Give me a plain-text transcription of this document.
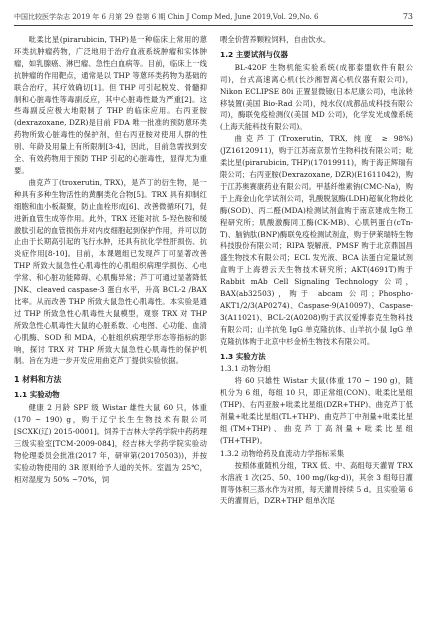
中国比较医学杂志 2019 年 6 月第 29 卷第 6 期 Chin J Comp Med, June 2019,Vol. 29,No. 6	73

吡柔比星(pirarubicin, THP)是一种临床上常用的蒽环类抗肿瘤药物，广泛地用于治疗血液系统肿瘤和实体肿瘤，如乳腺癌、淋巴瘤、急性白血病等。目前，临床上一线抗肿瘤的作用靶点，通常是以 THP 等蒽环类药物为基础的联合治疗，其疗效确切[1]。但 THP 可引起脱发、骨髓抑制和心脏毒性等毒副反应，其中心脏毒性最为严重[2]。这些毒副反应极大地限制了 THP 的临床应用。右丙亚胺(dexrazoxane, DZR)是目前 FDA 唯一批准的预防蒽环类药物所致心脏毒性的保护剂，但右丙亚胺对使用人群的性别、年龄及用量上有所限制[3-4]，因此，目前急需找到安全、有效药物用于预防 THP 引起的心脏毒性，显得尤为重要。

曲克芦丁(troxerutin, TRX)，是芦丁的衍生物，是一种具有多种生物活性的黄酮类化合物[5]。TRX 具有抑制红细胞和血小板凝聚，防止血栓形成[6]、改善微循环[7]，促进新血管生成等作用。此外，TRX 还能对抗 5-羟色胺和缓激肽引起的血管损伤并对内皮细胞起到保护作用，并可以防止由于长期高引起的飞行水肿，还具有抗化学性肝损伤、抗炎症作用[8-10]。目前，本课题组已发现芦丁可显著改善 THP 所致大鼠急性心肌毒性的心肌组织病理学损伤、心电学常、和心脏功能障碍、心肌酶异常；芦丁可通过显著降低 JNK、cleaved caspase-3 蛋白水平，升高 BCL-2 /BAX 比率。从而改善 THP 所致大鼠急性心肌毒性。本实验是通过 THP 所致急性心肌毒性大鼠模型，观察 TRX 对 THP 所致急性心肌毒性大鼠的心脏系数、心电图、心功能、血清心肌酶、SOD 和 MDA，心脏组织病理学形态等指标的影响，探讨 TRX 对 THP 所致大鼠急性心肌毒性的保护机制。旨在为进一步开发应用曲克芦丁提供实验依据。

1 材料和方法
1.1 实验动物

健康 2 月龄 SPF 级 Wistar 雄性大鼠 60 只，体重(170 ~ 190) g，购于辽宁长生生物技术有限公司[SCXK(辽) 2015-0001]。饲养于吉林大学药学院中药药理三级实验室[TCM-2009-084]，经吉林大学药学院实验动物伦理委员会批准(2017 年，研审第(20170503))，并按实验动物使用的 3R 原则给予人道的关怀。室温为 25℃，相对湿度为 50% ~70%，饲

喂全价营养颗粒饲料，自由饮水。

1.2 主要试剂与仪器

BL-420F 生物机能实验系统(成都泰盟软件有限公司)，台式高速离心机(长沙湘智离心机仪器有限公司)，Nikon ECLIPSE 80i 正置显微镜(日本尼康公司)，电泳转移装置(美国 Bio-Rad 公司)，纯水仪(成都品成科技有限公司)，酶联免疫检测仪(美国 MD 公司)，化学发光成像系统(上海天能科技有限公司)。

曲克芦丁(Troxerutin, TRX, 纯度 ≥ 98%)(JZ16120911)，购于江苏南京景竹生物科技有限公司；吡柔比星(pirarubicin, THP)(17019911)，购于海正辉瑞有限公司；右丙亚胺(Dexrazoxane, DZR)(E1611042)，购于江苏奥赛康药业有限公司。甲基纤维素钠(CMC-Na)，购于上海金山化学试剂公司，乳酸脱氢酶(LDH)超氧化物歧化酶(SOD)、丙二醛(MDA)检测试剂盒购于南京建成生物工程研究所；肌酸激酶同工酶(CK-MB)、心肌钙蛋白(cTn-T)、脑钠肽(BNP)酶联免疫检测试剂盒，购于伊莱瑞特生物科技股份有限公司；RIPA 裂解液、PMSF 购于北京鼎国昌盛生物技术有限公司；ECL 发光液、BCA 法蛋白定量试剂盒购于上海碧云天生物技术研究所；AKT(4691T)购于 Rabbit mAb Cell Signaling Technology 公司，BAX(ab32503)，购于 abcam 公司；Phospho-AKT1/2/3(AP0274)、Caspase-9(A10097)、Caspase-3(A11021)、BCL-2(A0208)购于武汉爱博泰克生物科技有限公司；山羊抗兔 IgG 单克隆抗体、山羊抗小鼠 IgG 单克隆抗体购于北京中杉金桥生物技术有限公司。

1.3 实验方法
1.3.1 动物分组

将 60 只雄性 Wistar 大鼠(体重 170 ~ 190 g)，随机分为 6 组，每组 10 只，即正常组(CON)、吡柔比星组(THP)、右丙亚胺+吡柔比星组(DZR+THP)、曲克芦丁低剂量+吡柔比星组(TL+THP)、曲克芦丁中剂量+吡柔比星组(TM+THP)、曲克芦丁高剂量+吡柔比星组(TH+THP)。

1.3.2 动物给药及血流动力学指标采集

按照体重随机分组，TRX 低、中、高组每天灌胃 TRX 水溶液 1 次(25、50、100 mg/(kg·d))，其余 3 组每日灌胃等体积三蒸水作为对照，每天灌胃持续 5 d。且实验第 6 天的灌胃后，DZR+THP 组单次尾
